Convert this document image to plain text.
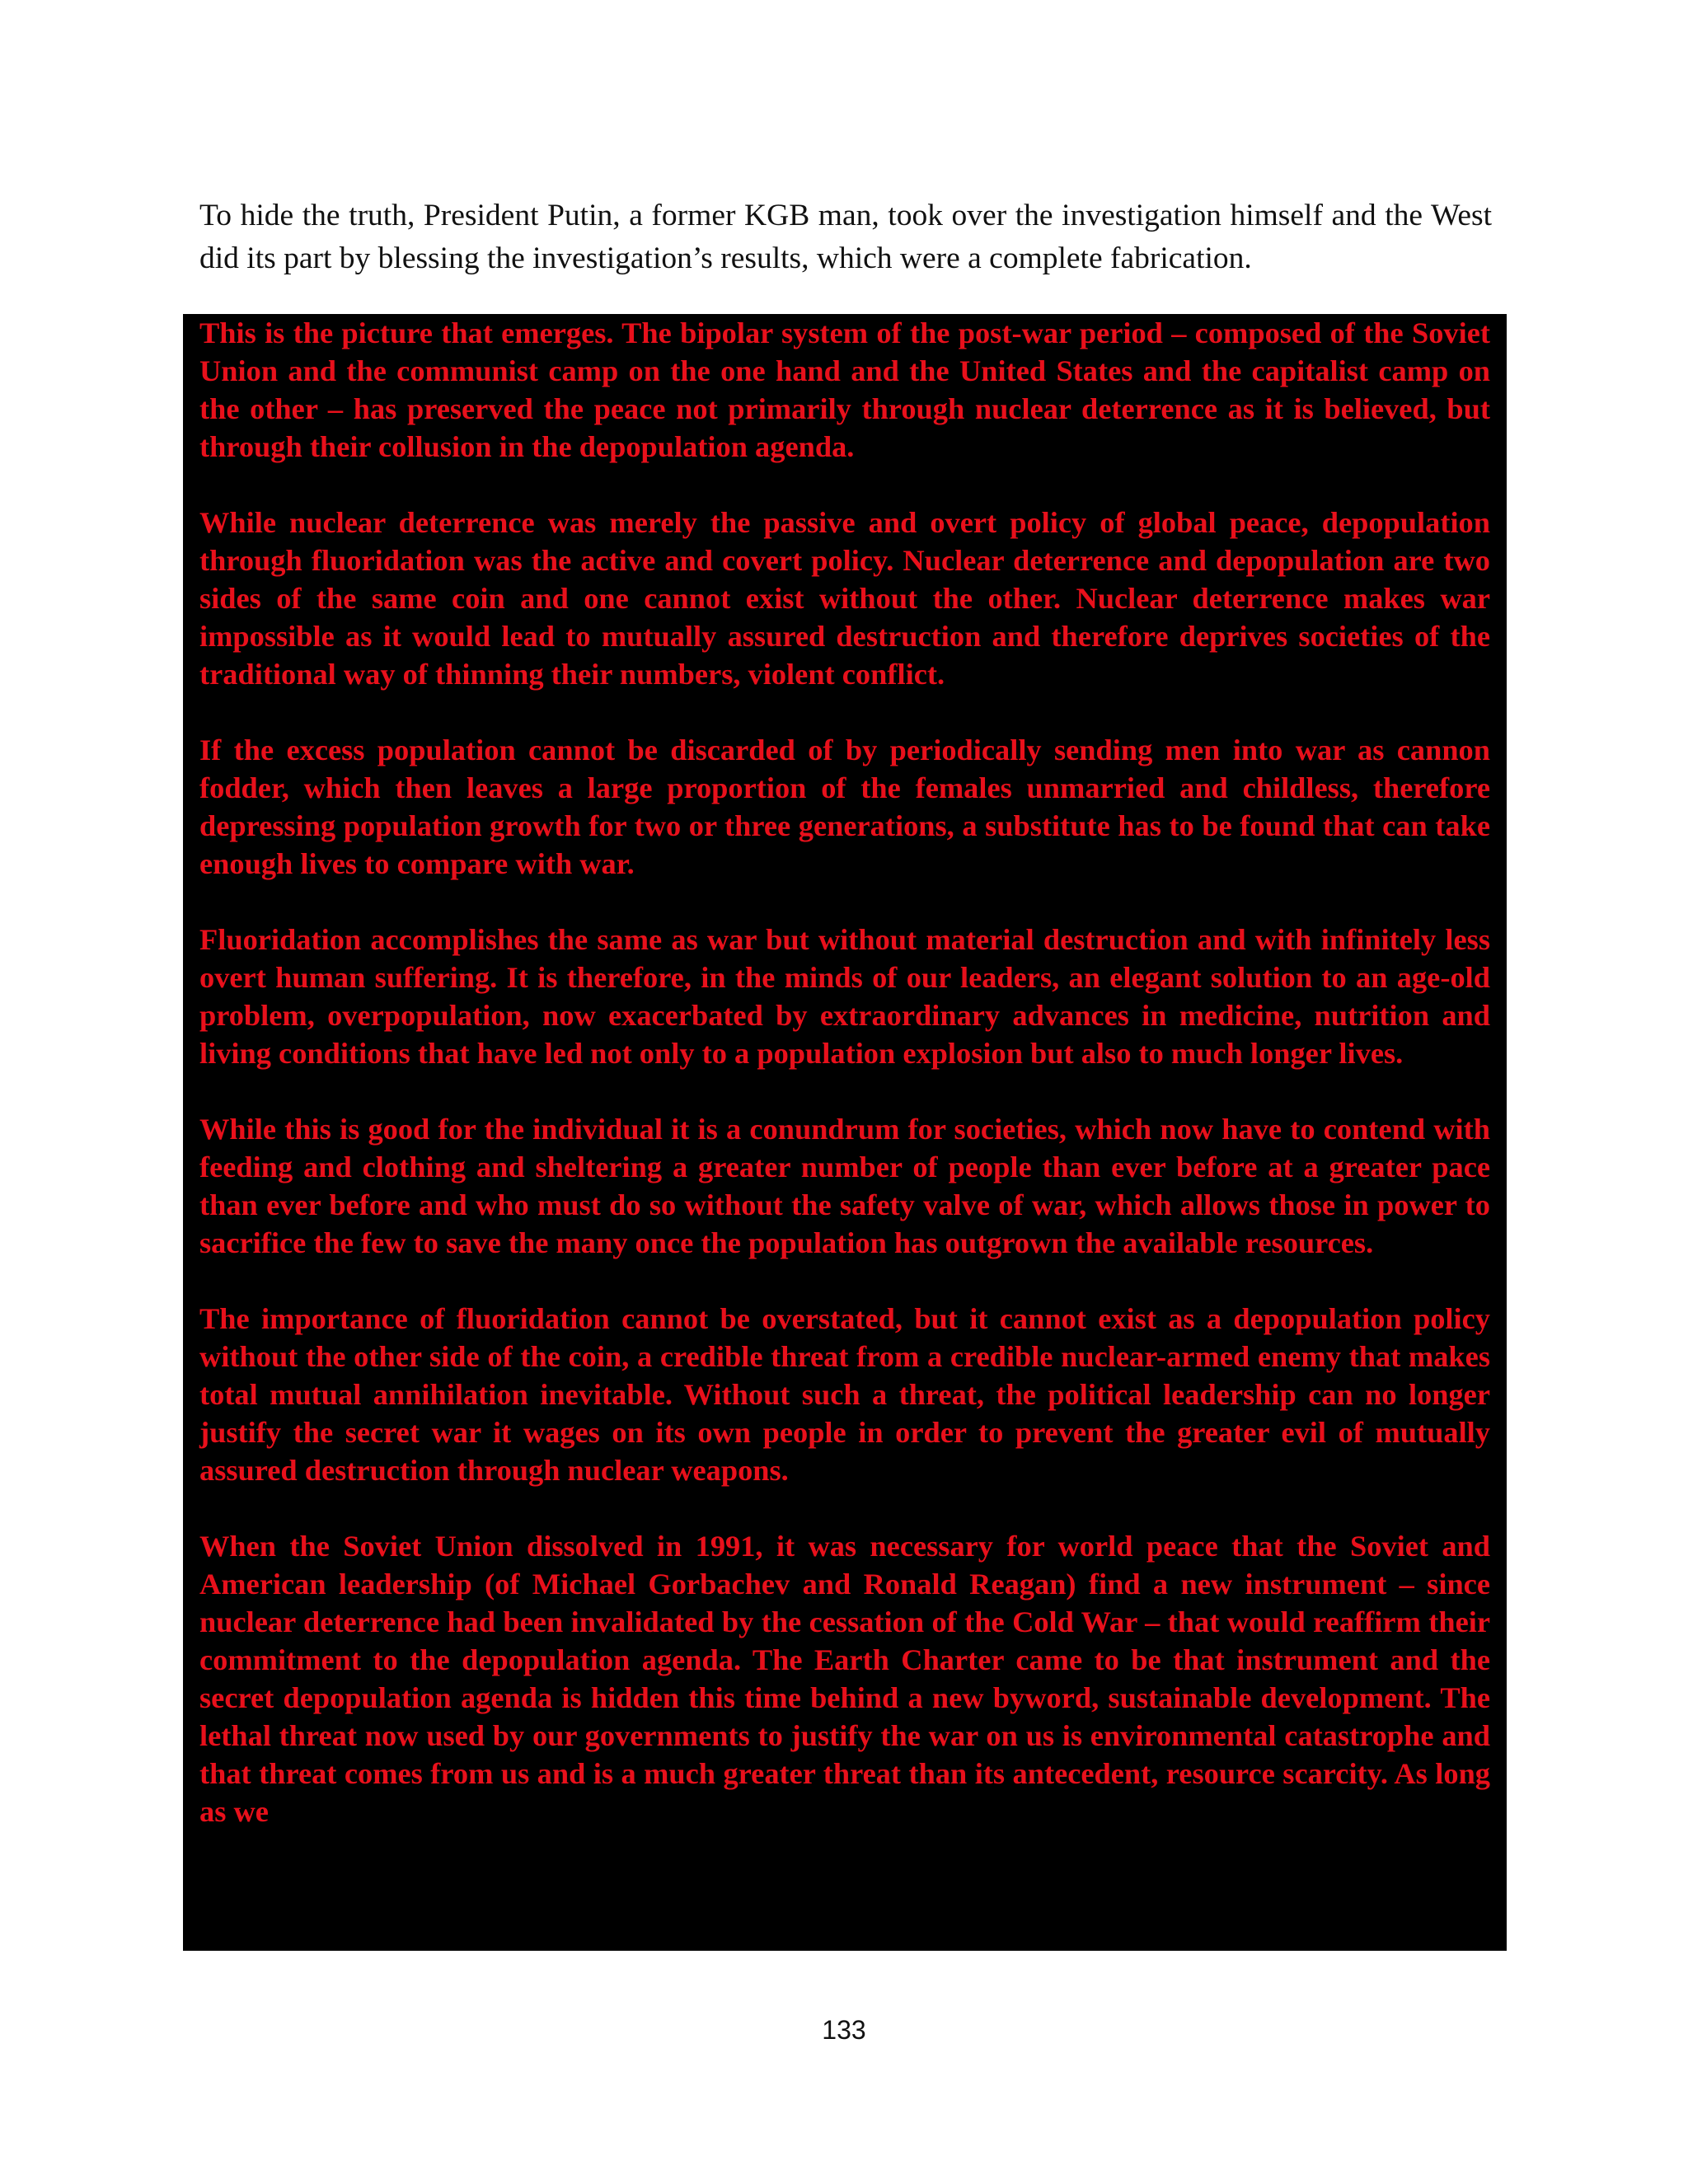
To hide the truth, President Putin, a former KGB man, took over the investigation himself and the West did its part by blessing the investigation’s results, which were a complete fabrication.

This is the picture that emerges. The bipolar system of the post-war period – composed of the Soviet Union and the communist camp on the one hand and the United States and the capitalist camp on the other – has preserved the peace not primarily through nuclear deterrence as it is believed, but through their collusion in the depopulation agenda.

While nuclear deterrence was merely the passive and overt policy of global peace, depopulation through fluoridation was the active and covert policy. Nuclear deterrence and depopulation are two sides of the same coin and one cannot exist without the other. Nuclear deterrence makes war impossible as it would lead to mutually assured destruction and therefore deprives societies of the traditional way of thinning their numbers, violent conflict.

If the excess population cannot be discarded of by periodically sending men into war as cannon fodder, which then leaves a large proportion of the females unmarried and childless, therefore depressing population growth for two or three generations, a substitute has to be found that can take enough lives to compare with war.

Fluoridation accomplishes the same as war but without material destruction and with infinitely less overt human suffering. It is therefore, in the minds of our leaders, an elegant solution to an age-old problem, overpopulation, now exacerbated by extraordinary advances in medicine, nutrition and living conditions that have led not only to a population explosion but also to much longer lives.

While this is good for the individual it is a conundrum for societies, which now have to contend with feeding and clothing and sheltering a greater number of people than ever before at a greater pace than ever before and who must do so without the safety valve of war, which allows those in power to sacrifice the few to save the many once the population has outgrown the available resources.

The importance of fluoridation cannot be overstated, but it cannot exist as a depopulation policy without the other side of the coin, a credible threat from a credible nuclear-armed enemy that makes total mutual annihilation inevitable. Without such a threat, the political leadership can no longer justify the secret war it wages on its own people in order to prevent the greater evil of mutually assured destruction through nuclear weapons.

When the Soviet Union dissolved in 1991, it was necessary for world peace that the Soviet and American leadership (of Michael Gorbachev and Ronald Reagan) find a new instrument – since nuclear deterrence had been invalidated by the cessation of the Cold War – that would reaffirm their commitment to the depopulation agenda. The Earth Charter came to be that instrument and the secret depopulation agenda is hidden this time behind a new byword, sustainable development. The lethal threat now used by our governments to justify the war on us is environmental catastrophe and that threat comes from us and is a much greater threat than its antecedent, resource scarcity. As long as we

133
